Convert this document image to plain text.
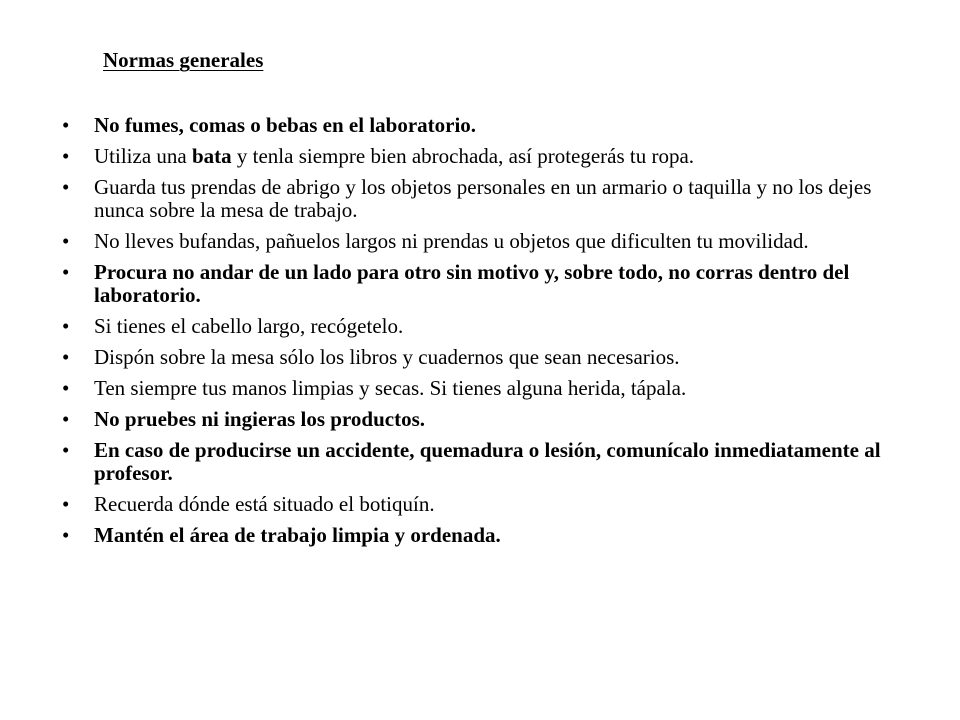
Normas generales
•	No fumes, comas o bebas en el laboratorio.
•	Utiliza una bata y tenla siempre bien abrochada, así protegerás tu ropa.
•	Guarda tus prendas de abrigo y los objetos personales en un armario o taquilla y no los dejes nunca sobre la mesa de trabajo.
•	No lleves bufandas, pañuelos largos ni prendas u objetos que dificulten tu movilidad.
•	Procura no andar de un lado para otro sin motivo y, sobre todo, no corras dentro del laboratorio.
•	Si tienes el cabello largo, recógetelo.
•	Dispón sobre la mesa sólo los libros y cuadernos que sean necesarios.
•	Ten siempre tus manos limpias y secas. Si tienes alguna herida, tápala.
•	No pruebes ni ingieras los productos.
•	En caso de producirse un accidente, quemadura o lesión, comunícalo inmediatamente al profesor.
•	Recuerda dónde está situado el botiquín.
•	Mantén el área de trabajo limpia y ordenada.
